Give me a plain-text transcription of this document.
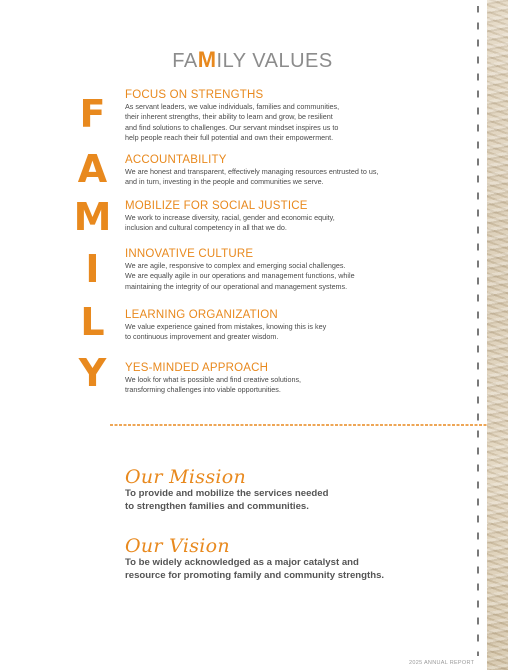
FAMILY VALUES
F
A
M
I
L
Y
FOCUS ON STRENGTHS

As servant leaders, we value individuals, families and communities,
their inherent strengths, their ability to learn and grow, be resilient
and find solutions to challenges. Our servant mindset inspires us to
help people reach their full potential and own their empowerment.

ACCOUNTABILITY

We are honest and transparent, effectively managing resources entrusted to us,
and in turn, investing in the people and communities we serve.

MOBILIZE FOR SOCIAL JUSTICE

We work to increase diversity, racial, gender and economic equity,
inclusion and cultural competency in all that we do.

INNOVATIVE CULTURE

We are agile, responsive to complex and emerging social challenges.
We are equally agile in our operations and management functions, while
maintaining the integrity of our operational and management systems.

LEARNING ORGANIZATION

We value experience gained from mistakes, knowing this is key
to continuous improvement and greater wisdom.

YES-MINDED APPROACH

We look for what is possible and find creative solutions,
transforming challenges into viable opportunities.

Our Mission

To provide and mobilize the services needed
to strengthen families and communities.

Our Vision

To be widely acknowledged as a major catalyst and
resource for promoting family and community strengths.

2025 ANNUAL REPORT
